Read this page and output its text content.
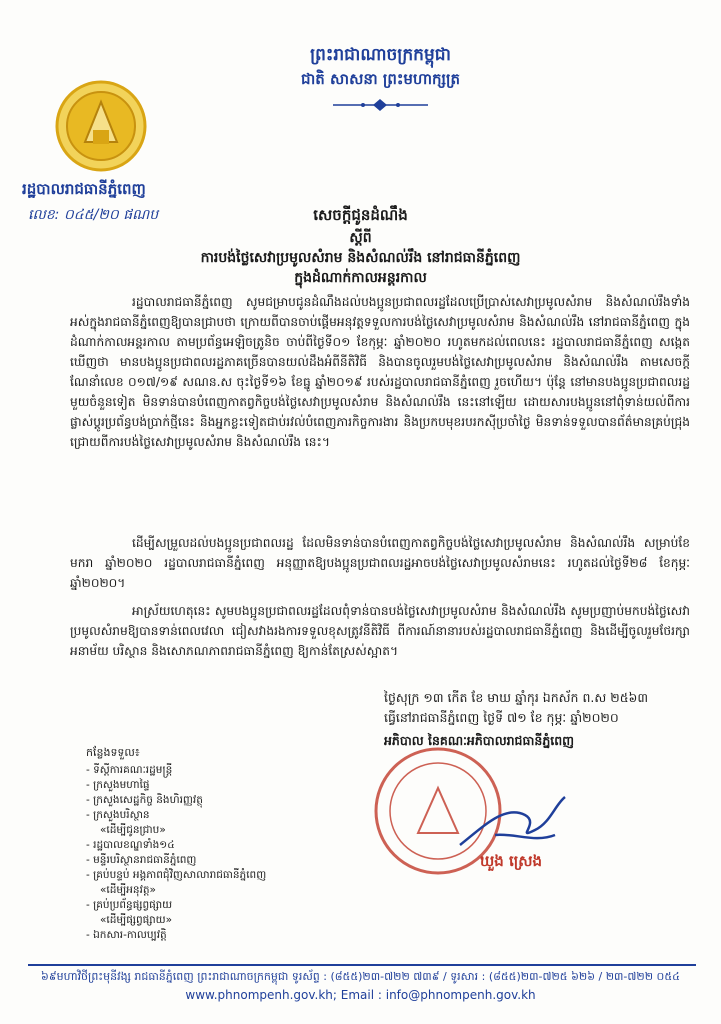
ព្រះរាជាណាចក្រកម្ពុជា
ជាតិ សាសនា ព្រះមហាក្សត្រ
រដ្ឋបាលរាជធានីភ្នំពេញ
លេខ: ០៤៥/២០ ផណប	សេចក្តីជូនដំណឹង
ស្តីពី
ការបង់ថ្លៃសេវាប្រមូលសំរាម និងសំណល់រឹង នៅរាជធានីភ្នំពេញ
ក្នុងដំណាក់កាលអន្តរកាល
រដ្ឋបាលរាជធានីភ្នំពេញ សូមជម្រាបជូនដំណឹងដល់បងប្អូនប្រជាពលរដ្ឋដែលប្រើប្រាស់សេវាប្រមូលសំរាម និងសំណល់រឹងទាំងអស់ក្នុងរាជធានីភ្នំពេញឱ្យបានជ្រាបថា ក្រោយពីបានចាប់ផ្តើមអនុវត្តទទួលការបង់ថ្លៃសេវាប្រមូលសំរាម និងសំណល់រឹង នៅរាជធានីភ្នំពេញ ក្នុងដំណាក់កាលអន្តរកាល តាមប្រព័ន្ធអេឡិចត្រូនិច ចាប់ពីថ្ងៃទី០១ ខែកុម្ភៈ ឆ្នាំ២០២០ រហូតមកដល់ពេលនេះ រដ្ឋបាលរាជធានីភ្នំពេញ សង្កេតឃើញថា មានបងប្អូនប្រជាពលរដ្ឋភាគច្រើនបានយល់ដឹងអំពីនីតិវិធី និងបានចូលរួមបង់ថ្លៃសេវាប្រមូលសំរាម និងសំណល់រឹង តាមសេចក្តីណែនាំលេខ ០១៧/១៩ សណន.ស ចុះថ្ងៃទី១៦ ខែធ្នូ ឆ្នាំ២០១៩ របស់រដ្ឋបាលរាជធានីភ្នំពេញ រួចហើយ។ ប៉ុន្តែ នៅមានបងប្អូនប្រជាពលរដ្ឋមួយចំនួនទៀត មិនទាន់បានបំពេញកាតព្វកិច្ចបង់ថ្លៃសេវាប្រមូលសំរាម និងសំណល់រឹង នេះនៅឡើយ ដោយសារបងប្អូននៅពុំទាន់យល់ពីការផ្លាស់ប្តូរប្រព័ន្ធបង់ប្រាក់ថ្មីនេះ និងអ្នកខ្លះទៀតជាប់រវល់បំពេញភារកិច្ចការងារ និងប្រកបមុខរបរកស៊ីប្រចាំថ្ងៃ មិនទាន់ទទួលបានព័ត៌មានគ្រប់ជ្រុងជ្រោយពីការបង់ថ្លៃសេវាប្រមូលសំរាម និងសំណល់រឹង នេះ។
ដើម្បីសម្រួលដល់បងប្អូនប្រជាពលរដ្ឋ ដែលមិនទាន់បានបំពេញកាតព្វកិច្ចបង់ថ្លៃសេវាប្រមូលសំរាម និងសំណល់រឹង សម្រាប់ខែមករា ឆ្នាំ២០២០ រដ្ឋបាលរាជធានីភ្នំពេញ អនុញ្ញាតឱ្យបងប្អូនប្រជាពលរដ្ឋអាចបង់ថ្លៃសេវាប្រមូលសំរាមនេះ រហូតដល់ថ្ងៃទី២៨ ខែកុម្ភៈ ឆ្នាំ២០២០។
អាស្រ័យហេតុនេះ សូមបងប្អូនប្រជាពលរដ្ឋដែលពុំទាន់បានបង់ថ្លៃសេវាប្រមូលសំរាម និងសំណល់រឹង សូមប្រញាប់មកបង់ថ្លៃសេវាប្រមូលសំរាមឱ្យបានទាន់ពេលវេលា ជៀសវាងរងការទទួលខុសត្រូវនីតិវិធី ពីការណ៍នានារបស់រដ្ឋបាលរាជធានីភ្នំពេញ និងដើម្បីចូលរួមថែរក្សាអនាម័យ បរិស្ថាន និងសោភណភាពរាជធានីភ្នំពេញ ឱ្យកាន់តែស្រស់ស្អាត។
ថ្ងៃសុក្រ ១៣ កើត ខែ មាឃ ឆ្នាំកុរ ឯកស័ក ព.ស ២៥៦៣
ធ្វើនៅរាជធានីភ្នំពេញ ថ្ងៃទី ៧១ ខែ កុម្ភៈ ឆ្នាំ២០២០
អភិបាល នៃគណៈអភិបាលរាជធានីភ្នំពេញ
ឃួង ស្រេង
កន្លែងទទួល៖
- ទីស្តីការគណៈរដ្ឋមន្ត្រី
- ក្រសួងមហាផ្ទៃ
- ក្រសួងសេដ្ឋកិច្ច និងហិរញ្ញវត្ថុ
- ក្រសួងបរិស្ថាន
«ដើម្បីជូនជ្រាប»
- រដ្ឋបាលខណ្ឌទាំង១៤
- មន្ទីរបរិស្ថានរាជធានីភ្នំពេញ
- គ្រប់បន្ទប់ អង្គភាពជុំវិញសាលារាជធានីភ្នំពេញ
«ដើម្បីអនុវត្ត»
- គ្រប់ប្រព័ន្ធផ្សព្វផ្សាយ
«ដើម្បីផ្សព្វផ្សាយ»
- ឯកសារ-កាលប្បវត្តិ
៦៩មហាវិថីព្រះមុនីវង្ស រាជធានីភ្នំពេញ ព្រះរាជាណាចក្រកម្ពុជា ទូរស័ព្ទ : (៨៥៥)២៣-៧២២ ៧៣៩ / ទូរសារ : (៨៥៥)២៣-៧២៥ ៦២៦ / ២៣-៧២២ ០៥៤
www.phnompenh.gov.kh; Email : info@phnompenh.gov.kh
